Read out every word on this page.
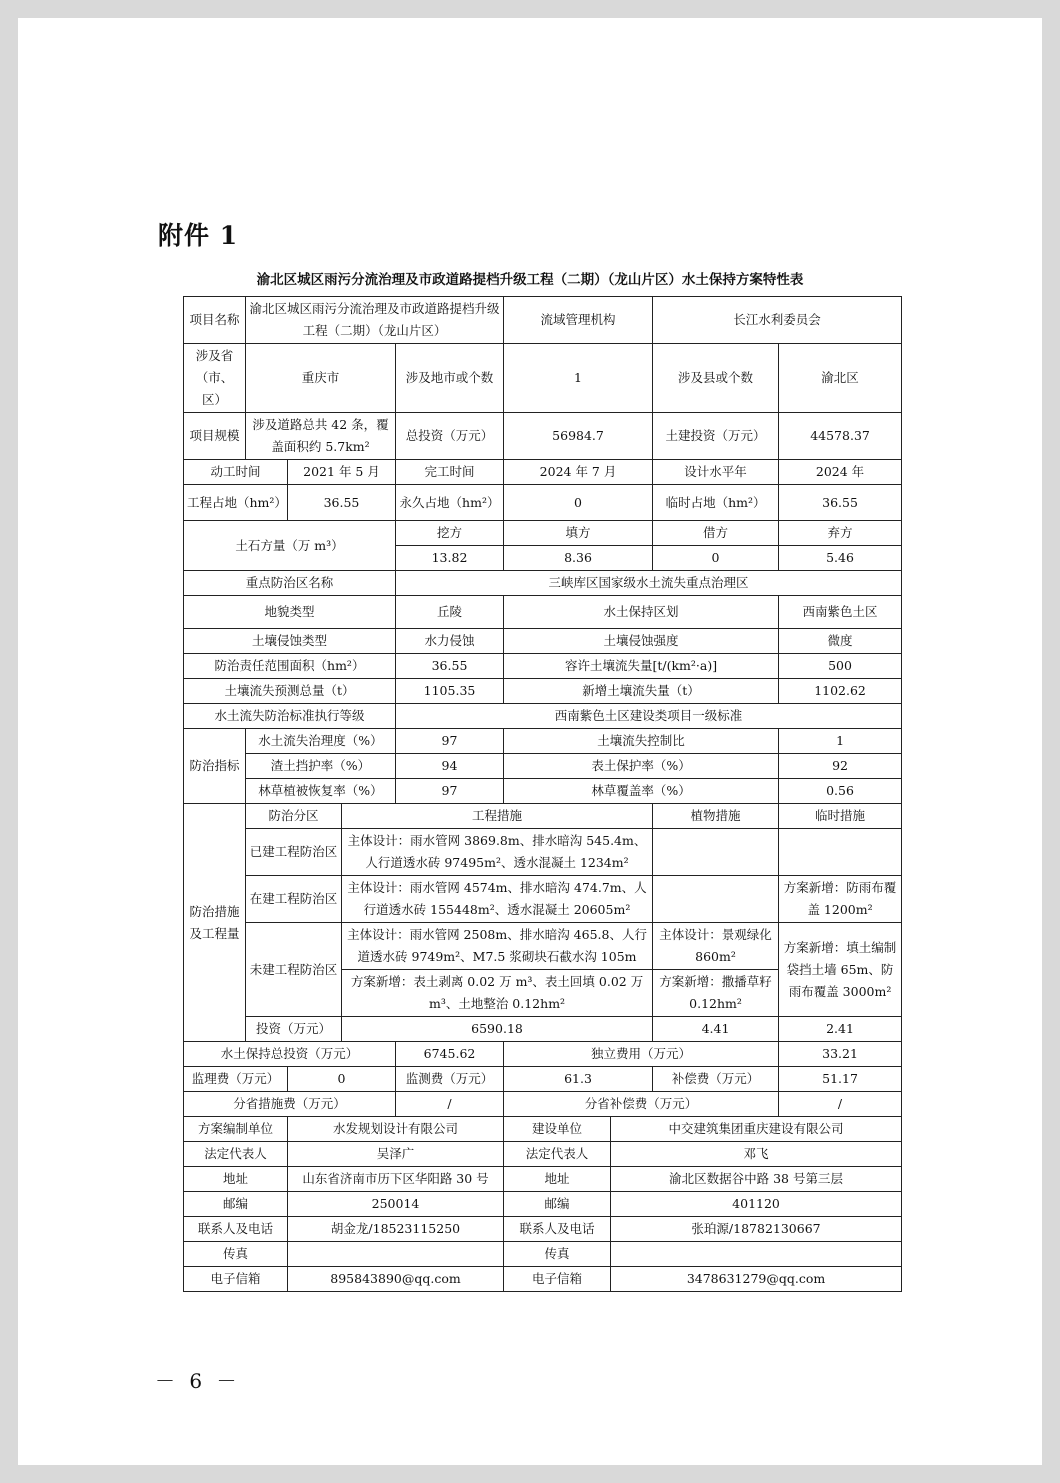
附件 1
渝北区城区雨污分流治理及市政道路提档升级工程（二期）（龙山片区）水土保持方案特性表
项目名称	渝北区城区雨污分流治理及市政道路提档升级工程（二期）（龙山片区）				流域管理机构		长江水利委员会	
涉及省（市、区）	重庆市			涉及地市或个数	1		涉及县或个数	渝北区
项目规模	涉及道路总共 42 条，覆盖面积约 5.7km²			总投资（万元）	56984.7		土建投资（万元）	44578.37
动工时间		2021 年 5 月		完工时间	2024 年 7 月		设计水平年	2024 年
工程占地（hm²）		36.55		永久占地（hm²）	0		临时占地（hm²）	36.55
土石方量（万 m³）				挖方	填方		借方	弃方
				13.82	8.36		0	5.46
重点防治区名称				三峡库区国家级水土流失重点治理区				
地貌类型				丘陵	水土保持区划			西南紫色土区
土壤侵蚀类型				水力侵蚀	土壤侵蚀强度			微度
防治责任范围面积（hm²）				36.55	容许土壤流失量[t/(km²·a)]			500
土壤流失预测总量（t）				1105.35	新增土壤流失量（t）			1102.62
水土流失防治标准执行等级				西南紫色土区建设类项目一级标准				
防治指标	水土流失治理度（%）			97	土壤流失控制比			1
	渣土挡护率（%）			94	表土保护率（%）			92
	林草植被恢复率（%）			97	林草覆盖率（%）			0.56
防治措施及工程量	防治分区		工程措施				植物措施	临时措施
	已建工程防治区		主体设计：雨水管网 3869.8m、排水暗沟 545.4m、人行道透水砖 97495m²、透水混凝土 1234m²					
	在建工程防治区		主体设计：雨水管网 4574m、排水暗沟 474.7m、人行道透水砖 155448m²、透水混凝土 20605m²					方案新增：防雨布覆盖 1200m²
	未建工程防治区		主体设计：雨水管网 2508m、排水暗沟 465.8、人行道透水砖 9749m²、M7.5 浆砌块石截水沟 105m				主体设计：景观绿化 860m²	方案新增：填土编制袋挡土墙 65m、防雨布覆盖 3000m²
			方案新增：表土剥离 0.02 万 m³、表土回填 0.02 万 m³、土地整治 0.12hm²				方案新增：撒播草籽 0.12hm²	
	投资（万元）		6590.18				4.41	2.41
水土保持总投资（万元）				6745.62	独立费用（万元）			33.21
监理费（万元）		0		监测费（万元）	61.3		补偿费（万元）	51.17
分省措施费（万元）				/	分省补偿费（万元）			/
方案编制单位		水发规划设计有限公司			建设单位	中交建筑集团重庆建设有限公司		
法定代表人		吴泽广			法定代表人	邓飞		
地址		山东省济南市历下区华阳路 30 号			地址	渝北区数据谷中路 38 号第三层		
邮编		250014			邮编	401120		
联系人及电话		胡金龙/18523115250			联系人及电话	张珀源/18782130667		
传真					传真			
电子信箱		895843890@qq.com			电子信箱	3478631279@qq.com		
－ 6 －
